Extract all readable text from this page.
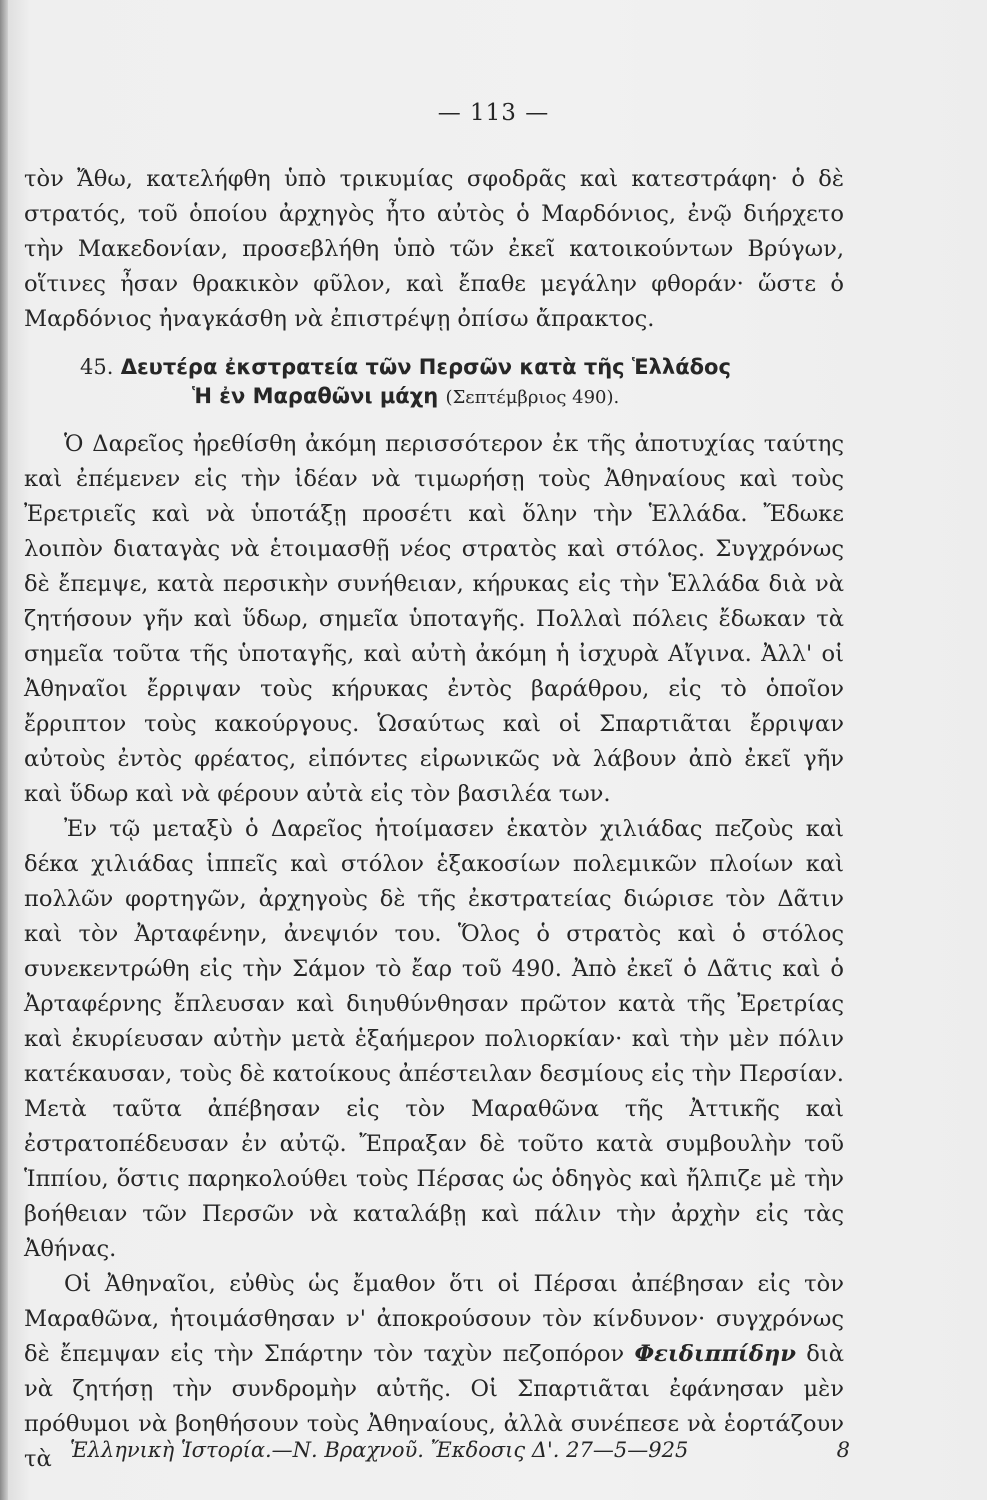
— 113 —

τὸν Ἄθω, κατελήφθη ὑπὸ τρικυμίας σφοδρᾶς καὶ κατεστράφη· ὁ δὲ στρατός, τοῦ ὁποίου ἀρχηγὸς ἦτο αὐτὸς ὁ Μαρδόνιος, ἐνῷ διήρχετο τὴν Μακεδονίαν, προσεβλήθη ὑπὸ τῶν ἐκεῖ κατοικούντων Βρύγων, οἵτινες ἦσαν θρακικὸν φῦλον, καὶ ἔπαθε μεγάλην φθοράν· ὥστε ὁ Μαρδόνιος ἠναγκάσθη νὰ ἐπιστρέψῃ ὀπίσω ἄπρακτος.

45. Δευτέρα ἐκστρατεία τῶν Περσῶν κατὰ τῆς Ἑλλάδος
Ἡ ἐν Μαραθῶνι μάχη (Σεπτέμβριος 490).

Ὁ Δαρεῖος ἠρεθίσθη ἀκόμη περισσότερον ἐκ τῆς ἀποτυχίας ταύτης καὶ ἐπέμενεν εἰς τὴν ἰδέαν νὰ τιμωρήσῃ τοὺς Ἀθηναίους καὶ τοὺς Ἐρετριεῖς καὶ νὰ ὑποτάξῃ προσέτι καὶ ὅλην τὴν Ἑλλάδα. Ἔδωκε λοιπὸν διαταγὰς νὰ ἑτοιμασθῇ νέος στρατὸς καὶ στόλος. Συγχρόνως δὲ ἔπεμψε, κατὰ περσικὴν συνήθειαν, κήρυκας εἰς τὴν Ἑλλάδα διὰ νὰ ζητήσουν γῆν καὶ ὕδωρ, σημεῖα ὑποταγῆς. Πολλαὶ πόλεις ἔδωκαν τὰ σημεῖα τοῦτα τῆς ὑποταγῆς, καὶ αὐτὴ ἀκόμη ἡ ἰσχυρὰ Αἴγινα. Ἀλλ' οἱ Ἀθηναῖοι ἔρριψαν τοὺς κήρυκας ἐντὸς βαράθρου, εἰς τὸ ὁποῖον ἔρριπτον τοὺς κακούργους. Ὡσαύτως καὶ οἱ Σπαρτιᾶται ἔρριψαν αὐτοὺς ἐντὸς φρέατος, εἰπόντες εἰρωνικῶς νὰ λάβουν ἀπὸ ἐκεῖ γῆν καὶ ὕδωρ καὶ νὰ φέρουν αὐτὰ εἰς τὸν βασιλέα των.

Ἐν τῷ μεταξὺ ὁ Δαρεῖος ἡτοίμασεν ἑκατὸν χιλιάδας πεζοὺς καὶ δέκα χιλιάδας ἱππεῖς καὶ στόλον ἑξακοσίων πολεμικῶν πλοίων καὶ πολλῶν φορτηγῶν, ἀρχηγοὺς δὲ τῆς ἐκστρατείας διώρισε τὸν Δᾶτιν καὶ τὸν Ἀρταφένην, ἀνεψιόν του. Ὅλος ὁ στρατὸς καὶ ὁ στόλος συνεκεντρώθη εἰς τὴν Σάμον τὸ ἔαρ τοῦ 490. Ἀπὸ ἐκεῖ ὁ Δᾶτις καὶ ὁ Ἀρταφέρνης ἔπλευσαν καὶ διηυθύνθησαν πρῶτον κατὰ τῆς Ἐρετρίας καὶ ἐκυρίευσαν αὐτὴν μετὰ ἑξαήμερον πολιορκίαν· καὶ τὴν μὲν πόλιν κατέκαυσαν, τοὺς δὲ κατοίκους ἀπέστειλαν δεσμίους εἰς τὴν Περσίαν. Μετὰ ταῦτα ἀπέβησαν εἰς τὸν Μαραθῶνα τῆς Ἀττικῆς καὶ ἐστρατοπέδευσαν ἐν αὐτῷ. Ἔπραξαν δὲ τοῦτο κατὰ συμβουλὴν τοῦ Ἱππίου, ὅστις παρηκολούθει τοὺς Πέρσας ὡς ὁδηγὸς καὶ ἤλπιζε μὲ τὴν βοήθειαν τῶν Περσῶν νὰ καταλάβῃ καὶ πάλιν τὴν ἀρχὴν εἰς τὰς Ἀθήνας.

Οἱ Ἀθηναῖοι, εὐθὺς ὡς ἔμαθον ὅτι οἱ Πέρσαι ἀπέβησαν εἰς τὸν Μαραθῶνα, ἡτοιμάσθησαν ν' ἀποκρούσουν τὸν κίνδυνον· συγχρόνως δὲ ἔπεμψαν εἰς τὴν Σπάρτην τὸν ταχὺν πεζοπόρον Φειδιππίδην διὰ νὰ ζητήσῃ τὴν συνδρομὴν αὐτῆς. Οἱ Σπαρτιᾶται ἐφάνησαν μὲν πρόθυμοι νὰ βοηθήσουν τοὺς Ἀθηναίους, ἀλλὰ συνέπεσε νὰ ἑορτάζουν τὰ Ἑλληνικὴ Ἱστορία.—Ν. Βραχνοῦ. Ἔκδοσις Δ'. 27—5—925	8
